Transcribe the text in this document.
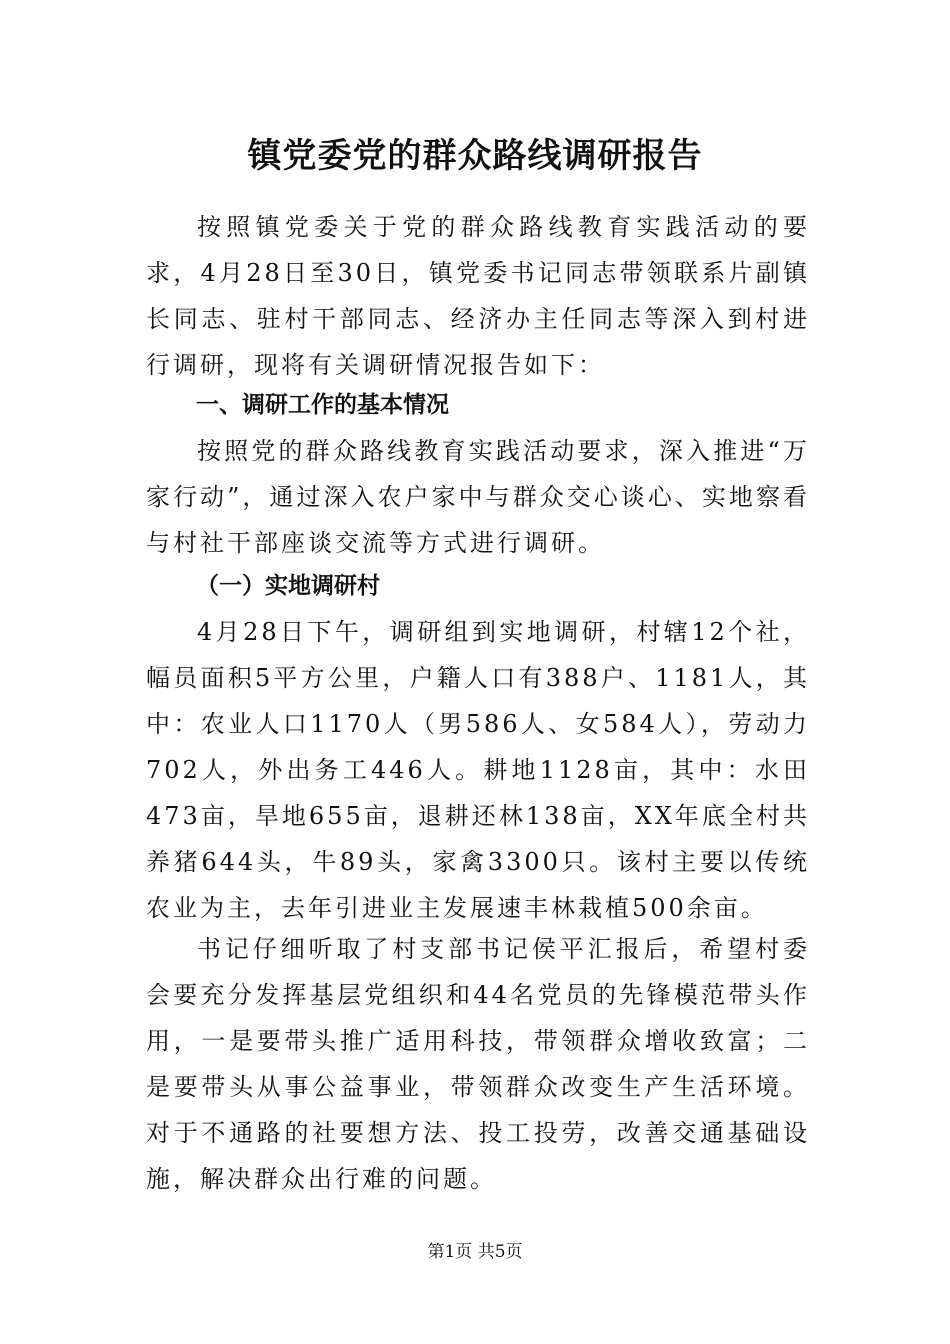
镇党委党的群众路线调研报告

按照镇党委关于党的群众路线教育实践活动的要求，4月28日至30日，镇党委书记同志带领联系片副镇长同志、驻村干部同志、经济办主任同志等深入到村进行调研，现将有关调研情况报告如下：

一、调研工作的基本情况

按照党的群众路线教育实践活动要求，深入推进“万家行动”，通过深入农户家中与群众交心谈心、实地察看与村社干部座谈交流等方式进行调研。

（一）实地调研村

4月28日下午，调研组到实地调研，村辖12个社，幅员面积5平方公里，户籍人口有388户、1181人，其中：农业人口1170人（男586人、女584人），劳动力702人，外出务工446人。耕地1128亩，其中：水田473亩，旱地655亩，退耕还林138亩，XX年底全村共养猪644头，牛89头，家禽3300只。该村主要以传统农业为主，去年引进业主发展速丰林栽植500余亩。

书记仔细听取了村支部书记侯平汇报后，希望村委会要充分发挥基层党组织和44名党员的先锋模范带头作用，一是要带头推广适用科技，带领群众增收致富；二是要带头从事公益事业，带领群众改变生产生活环境。对于不通路的社要想方法、投工投劳，改善交通基础设施，解决群众出行难的问题。

第1页 共5页
